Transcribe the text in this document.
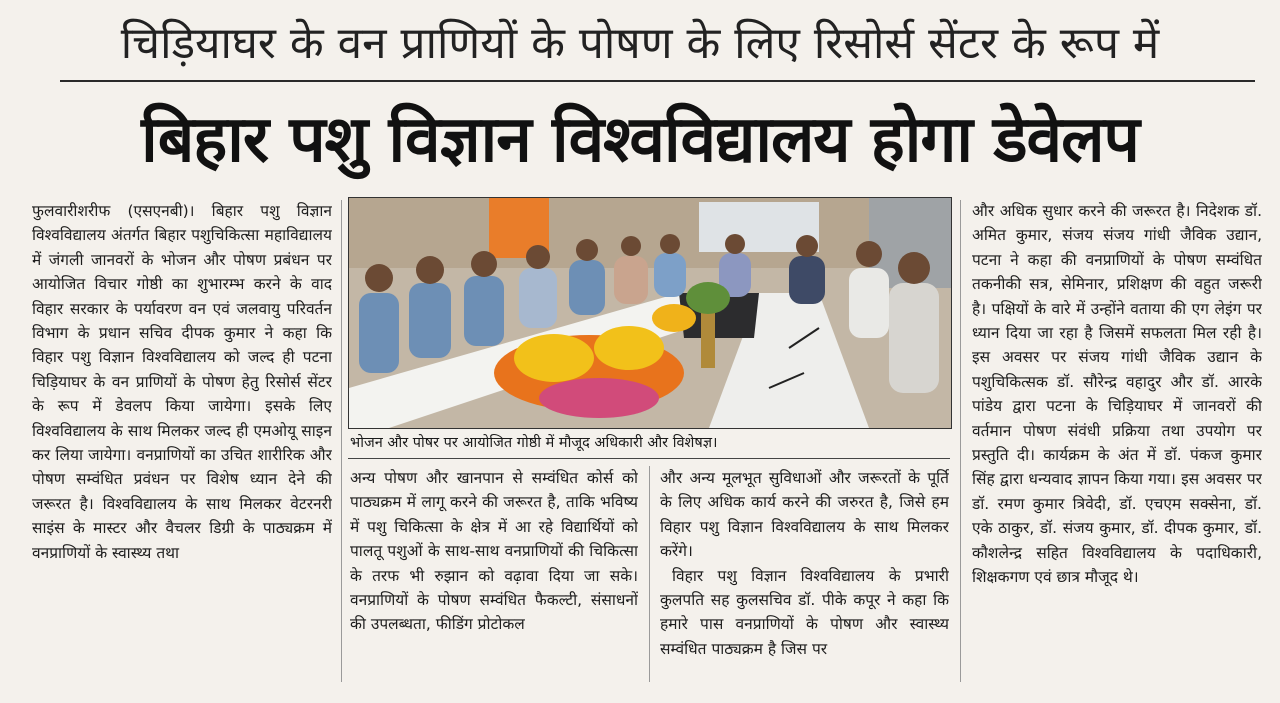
चिड़ियाघर के वन प्राणियों के पोषण के लिए रिसोर्स सेंटर के रूप में
बिहार पशु विज्ञान विश्वविद्यालय होगा डेवेलप

फुलवारीशरीफ (एसएनबी)। बिहार पशु विज्ञान विश्वविद्यालय अंतर्गत बिहार पशुचिकित्सा महाविद्यालय में जंगली जानवरों के भोजन और पोषण प्रबंधन पर आयोजित विचार गोष्ठी का शुभारम्भ करने के वाद विहार सरकार के पर्यावरण वन एवं जलवायु परिवर्तन विभाग के प्रधान सचिव दीपक कुमार ने कहा कि विहार पशु विज्ञान विश्वविद्यालय को जल्द ही पटना चिड़ियाघर के वन प्राणियों के पोषण हेतु रिसोर्स सेंटर के रूप में डेवलप किया जायेगा। इसके लिए विश्वविद्यालय के साथ मिलकर जल्द ही एमओयू साइन कर लिया जायेगा। वनप्राणियों का उचित शारीरिक और पोषण सम्वंधित प्रवंधन पर विशेष ध्यान देने की जरूरत है। विश्वविद्यालय के साथ मिलकर वेटरनरी साइंस के मास्टर और वैचलर डिग्री के पाठ्यक्रम में वनप्राणियों के स्वास्थ्य तथा

भोजन और पोषर पर आयोजित गोष्ठी में मौजूद अधिकारी और विशेषज्ञ।

अन्य पोषण और खानपान से सम्वंधित कोर्स को पाठ्यक्रम में लागू करने की जरूरत है, ताकि भविष्य में पशु चिकित्सा के क्षेत्र में आ रहे विद्यार्थियों को पालतू पशुओं के साथ-साथ वनप्राणियों की चिकित्सा के तरफ भी रुझान को वढ़ावा दिया जा सके। वनप्राणियों के पोषण सम्वंधित फैकल्टी, संसाधनों की उपलब्धता, फीडिंग प्रोटोकल

और अन्य मूलभूत सुविधाओं और जरूरतों के पूर्ति के लिए अधिक कार्य करने की जरुरत है, जिसे हम विहार पशु विज्ञान विश्वविद्यालय के साथ मिलकर करेंगे।

विहार पशु विज्ञान विश्वविद्यालय के प्रभारी कुलपति सह कुलसचिव डॉ. पीके कपूर ने कहा कि हमारे पास वनप्राणियों के पोषण और स्वास्थ्य सम्वंधित पाठ्यक्रम है जिस पर

और अधिक सुधार करने की जरूरत है। निदेशक डॉ. अमित कुमार, संजय संजय गांधी जैविक उद्यान, पटना ने कहा की वनप्राणियों के पोषण सम्वंधित तकनीकी सत्र, सेमिनार, प्रशिक्षण की वहुत जरूरी है। पक्षियों के वारे में उन्होंने वताया की एग लेइंग पर ध्यान दिया जा रहा है जिसमें सफलता मिल रही है। इस अवसर पर संजय गांधी जैविक उद्यान के पशुचिकित्सक डॉ. सौरेन्द्र वहादुर और डॉ. आरके पांडेय द्वारा पटना के चिड़ियाघर में जानवरों की वर्तमान पोषण संवंधी प्रक्रिया तथा उपयोग पर प्रस्तुति दी। कार्यक्रम के अंत में डॉ. पंकज कुमार सिंह द्वारा धन्यवाद ज्ञापन किया गया। इस अवसर पर डॉ. रमण कुमार त्रिवेदी, डॉ. एचएम सक्सेना, डॉ. एके ठाकुर, डॉ. संजय कुमार, डॉ. दीपक कुमार, डॉ. कौशलेन्द्र सहित विश्वविद्यालय के पदाधिकारी, शिक्षकगण एवं छात्र मौजूद थे।
